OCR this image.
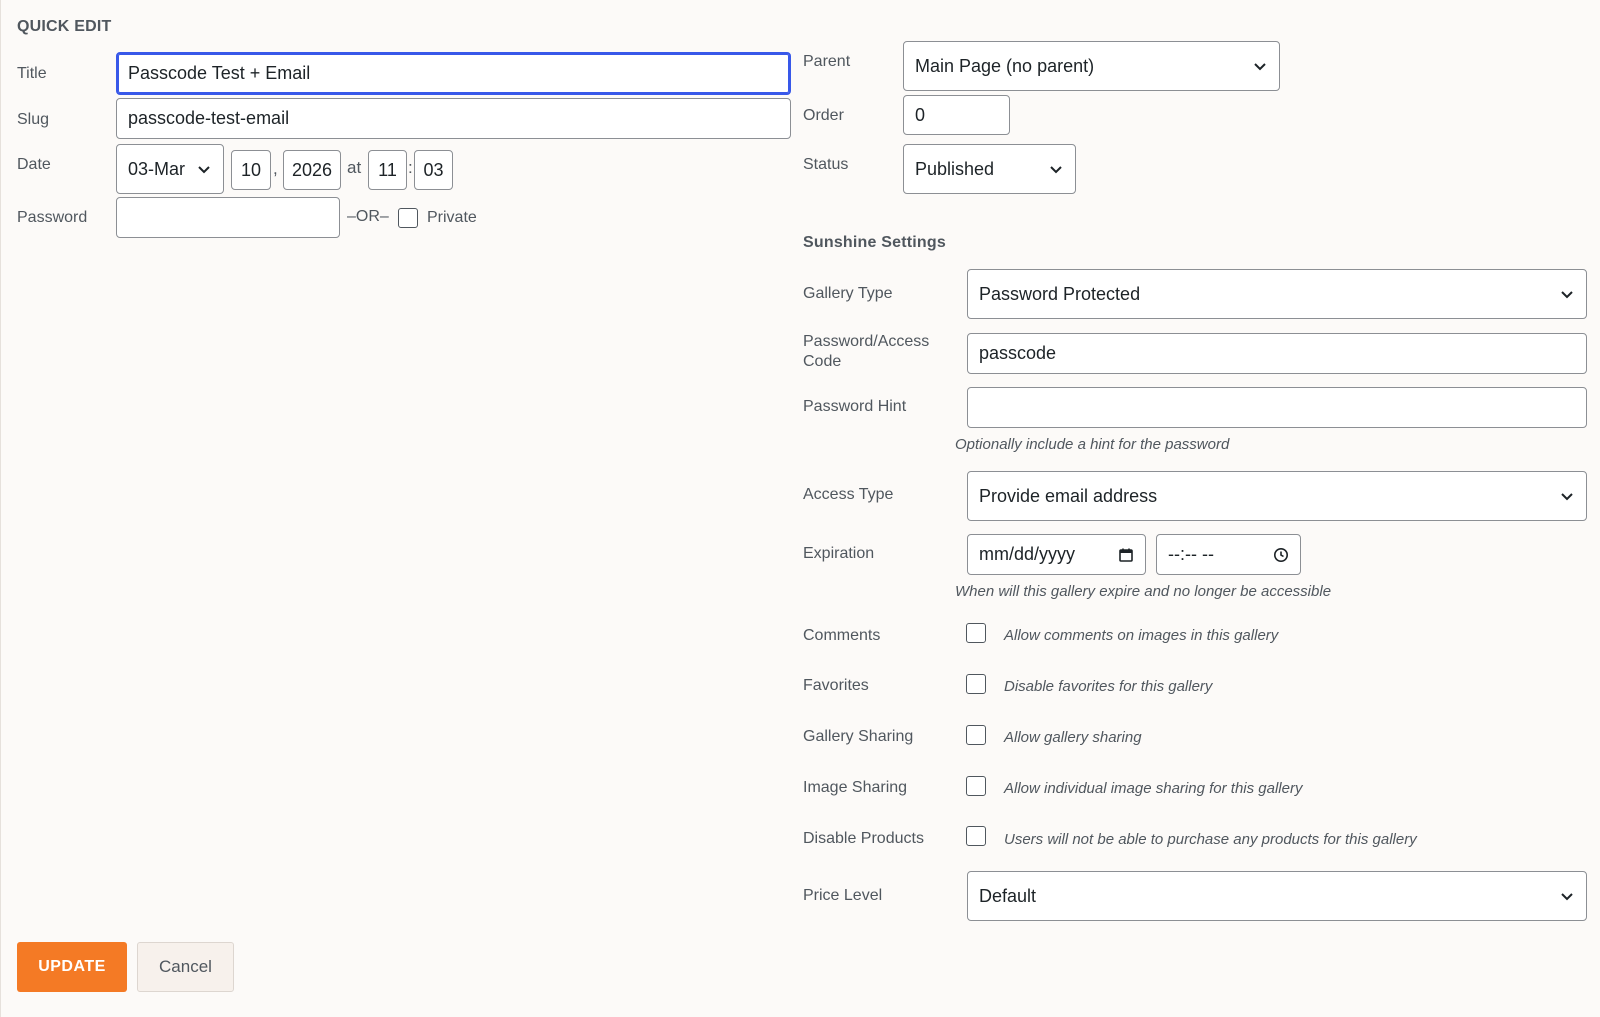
QUICK EDIT
Title	Passcode Test + Email
Slug	passcode-test-email
Date	03-Mar	10 , 2026 at 11 : 03
Password	–OR– Private
Parent	Main Page (no parent)
Order	0
Status	Published
Sunshine Settings
Gallery Type	Password Protected
Password/Access
Code	passcode
Password Hint
Optionally include a hint for the password
Access Type	Provide email address
Expiration	mm/dd/yyyy	--:-- --
When will this gallery expire and no longer be accessible
Comments	Allow comments on images in this gallery
Favorites	Disable favorites for this gallery
Gallery Sharing	Allow gallery sharing
Image Sharing	Allow individual image sharing for this gallery
Disable Products	Users will not be able to purchase any products for this gallery
Price Level	Default
UPDATE	Cancel
